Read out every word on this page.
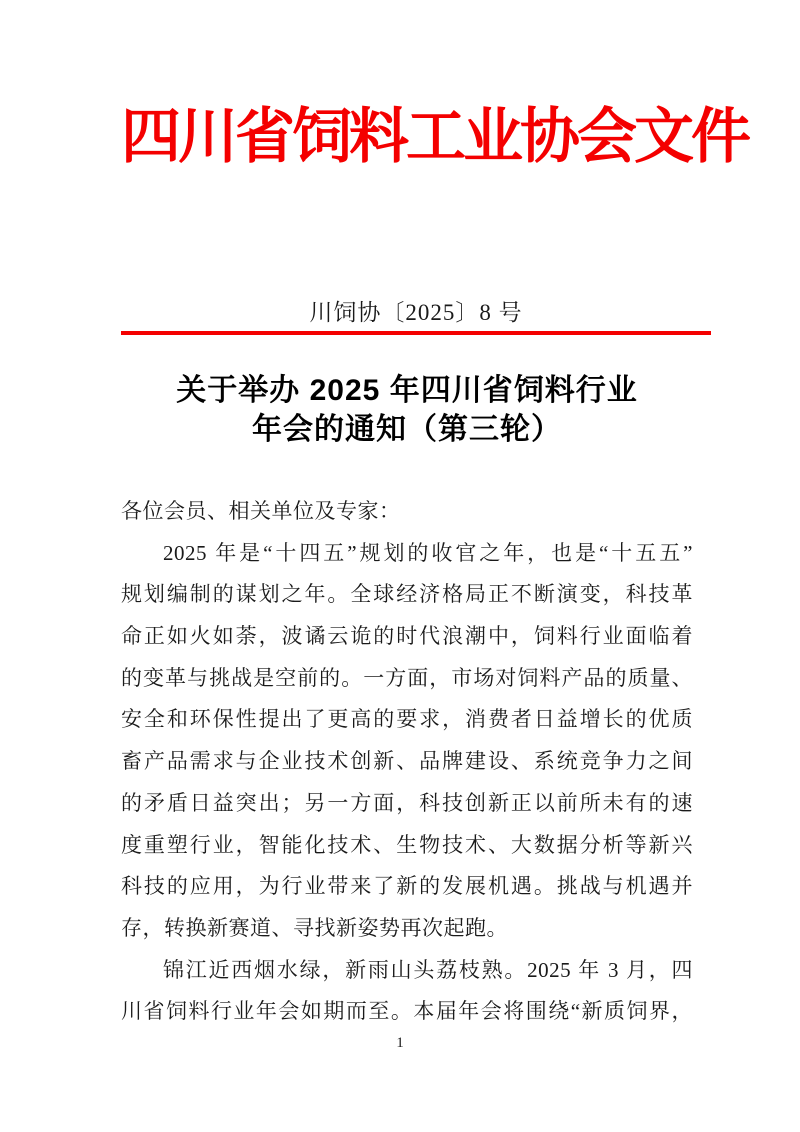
四川省饲料工业协会文件
川饲协〔2025〕8 号
关于举办 2025 年四川省饲料行业
年会的通知（第三轮）
各位会员、相关单位及专家：
2025 年是“十四五”规划的收官之年，也是“十五五”
规划编制的谋划之年。全球经济格局正不断演变，科技革
命正如火如荼，波谲云诡的时代浪潮中，饲料行业面临着
的变革与挑战是空前的。一方面，市场对饲料产品的质量、
安全和环保性提出了更高的要求，消费者日益增长的优质
畜产品需求与企业技术创新、品牌建设、系统竞争力之间
的矛盾日益突出；另一方面，科技创新正以前所未有的速
度重塑行业，智能化技术、生物技术、大数据分析等新兴
科技的应用，为行业带来了新的发展机遇。挑战与机遇并
存，转换新赛道、寻找新姿势再次起跑。
锦江近西烟水绿，新雨山头荔枝熟。2025 年 3 月，四
川省饲料行业年会如期而至。本届年会将围绕“新质饲界，
1
